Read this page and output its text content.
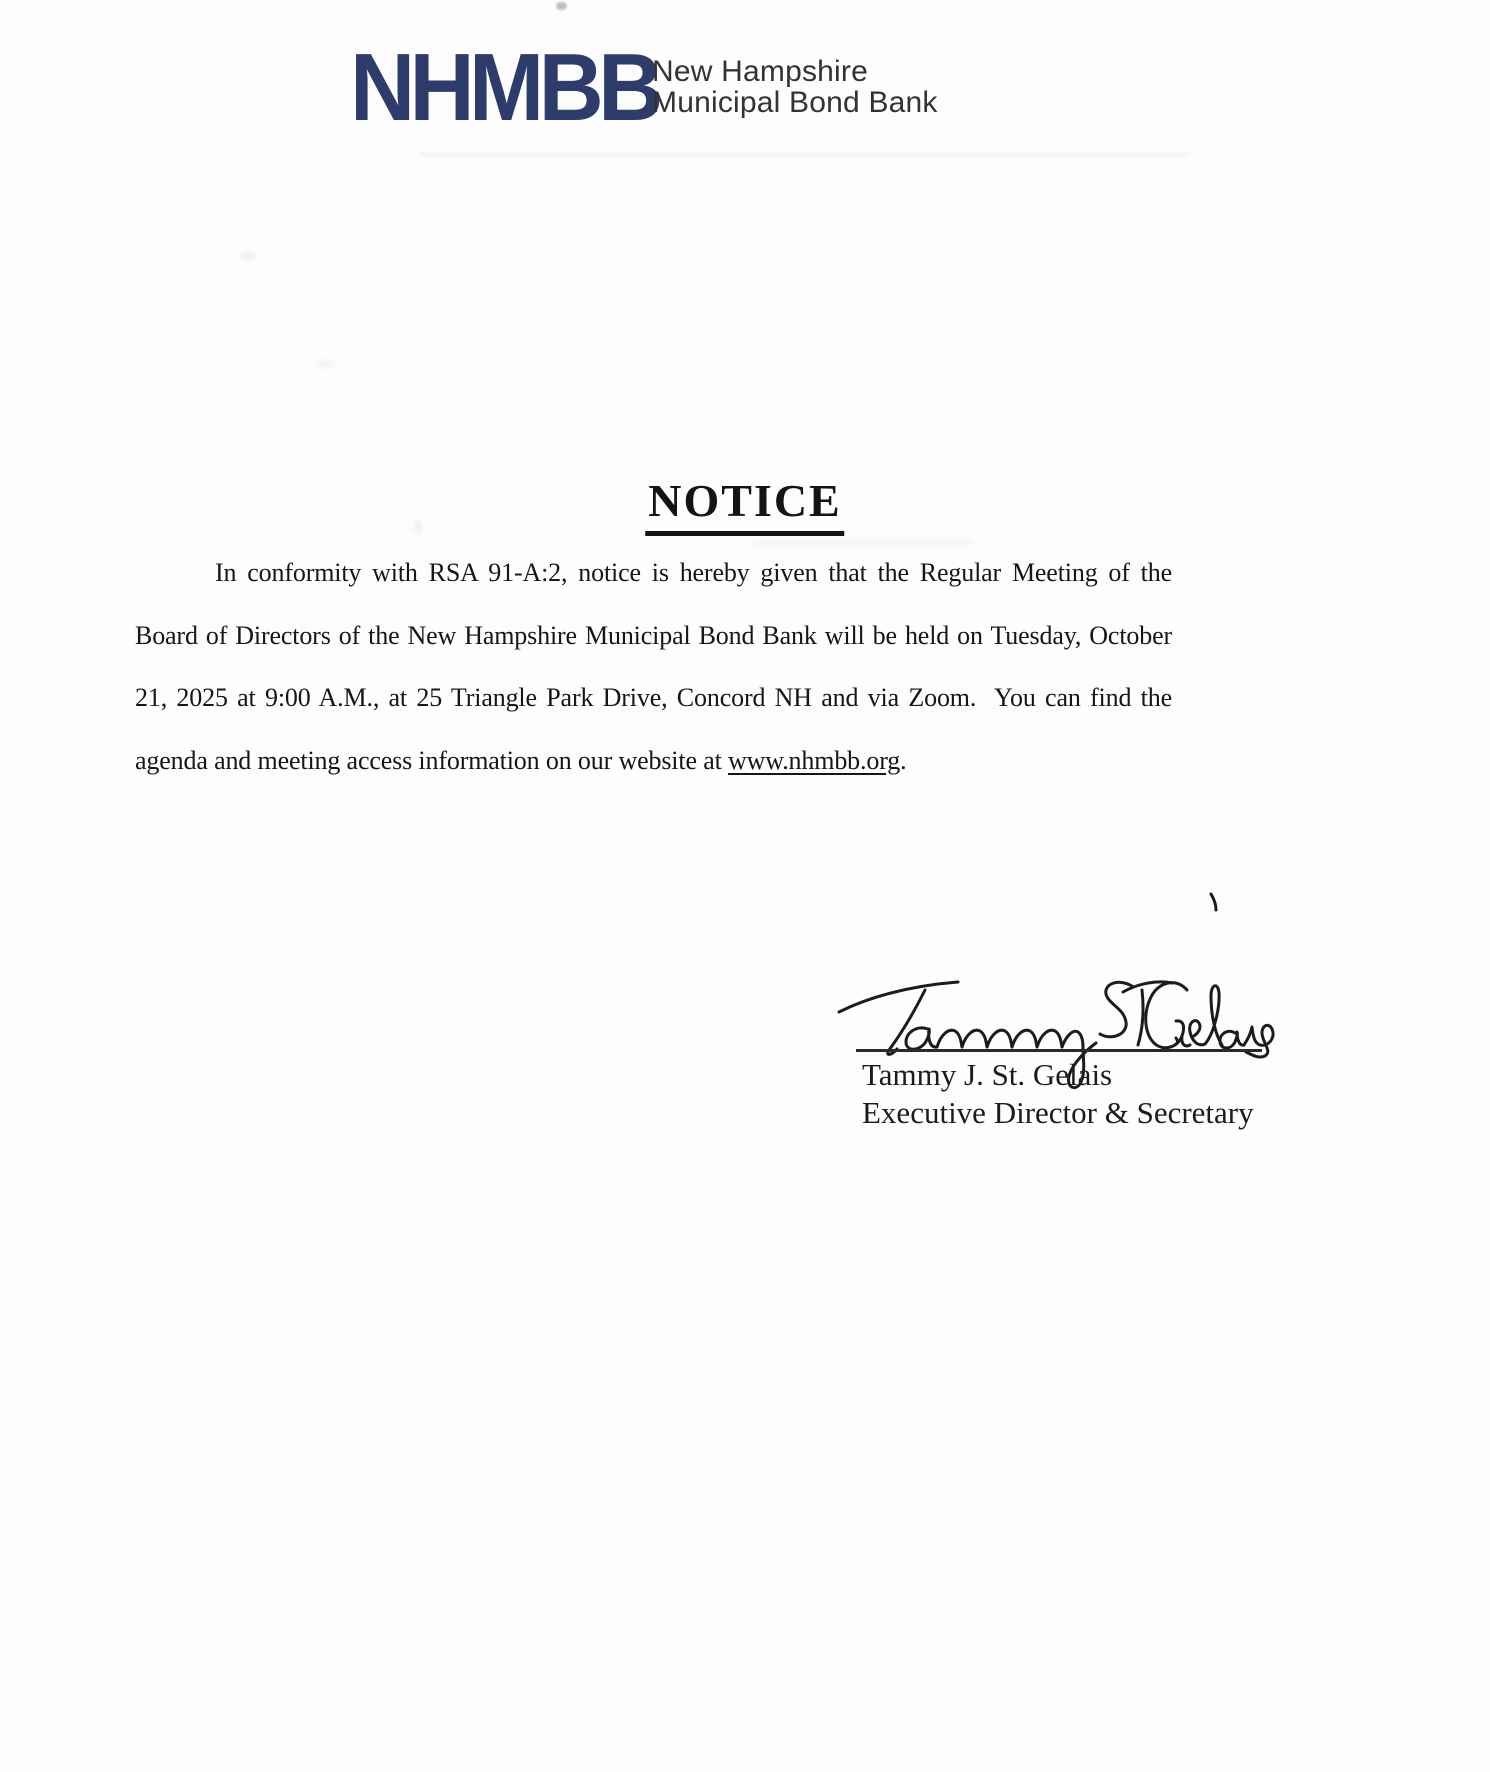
NHMBB
New Hampshire
Municipal Bond Bank
NOTICE
In conformity with RSA 91-A:2, notice is hereby given that the Regular Meeting of the
Board of Directors of the New Hampshire Municipal Bond Bank will be held on Tuesday, October
21, 2025 at 9:00 A.M., at 25 Triangle Park Drive, Concord NH and via Zoom.  You can find the
agenda and meeting access information on our website at www.nhmbb.org.
Tammy J. St. Gelais
Executive Director & Secretary
